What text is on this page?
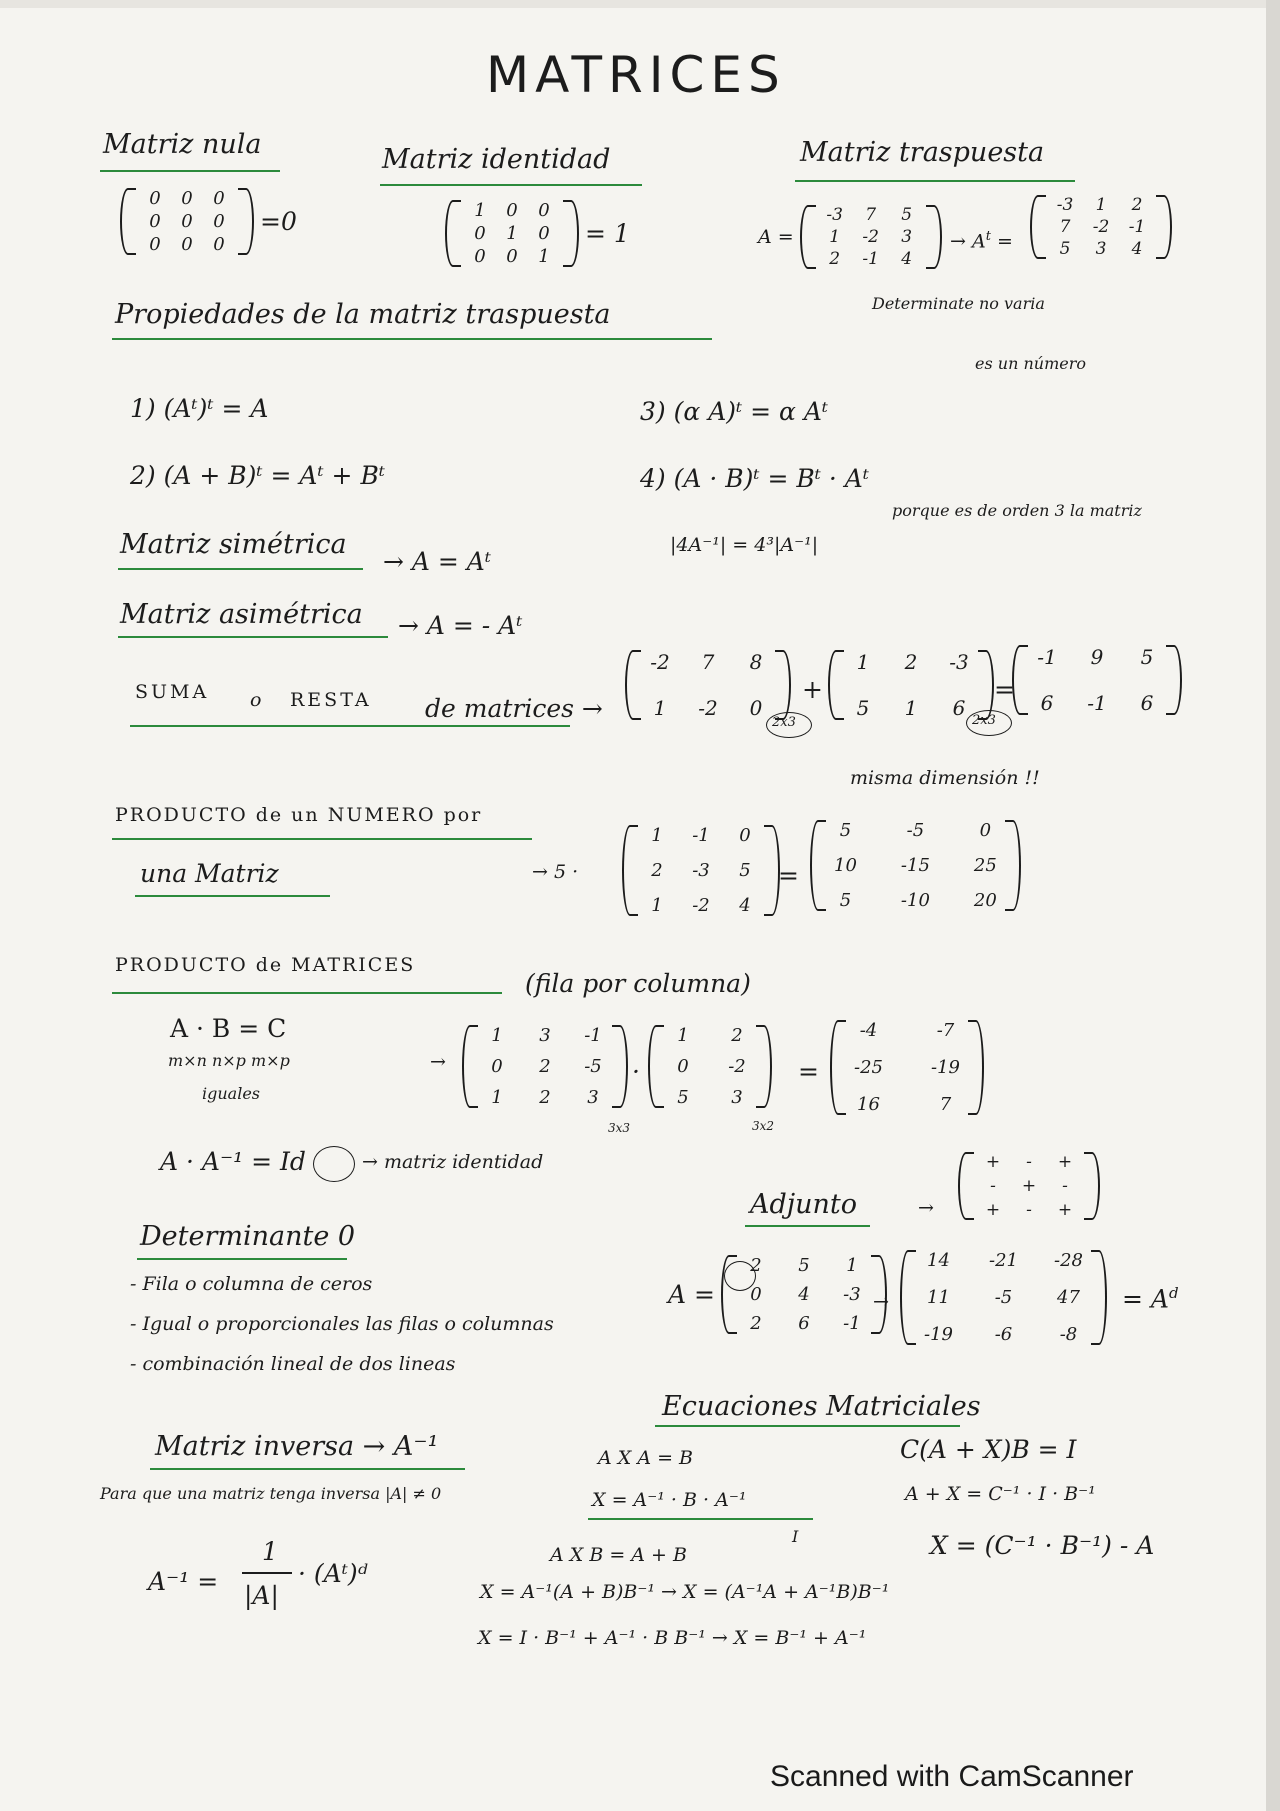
MATRICES
Matriz nula
0 0 0
0 0 0
0 0 0
=0
Matriz identidad
1 0 0
0 1 0
0 0 1
= 1
Matriz traspuesta
A =
-3	7	5
1	-2	3
2	-1	4
→ $A^t$ =
-3	1	2
7	-2 -1
5	3	4
Determinate no varia
Propiedades de la matriz traspuesta
1) (Aᵗ)ᵗ = A
2) (A + B)ᵗ = Aᵗ + Bᵗ
3) (α A)ᵗ = α Aᵗ
4) (A · B)ᵗ = Bᵗ · Aᵗ
es un número
|4A⁻¹| = 4³|A⁻¹|
porque es de orden 3 la matriz
Matriz simétrica
→ A = Aᵗ
Matriz asimétrica → A = - Aᵗ
SUMA o RESTA de matrices →
-2 7 8
1 -2 0
+
1 2 -3
5 1 6
=
-1 9 5
6 -1 6
2x3	2x3
misma dimensión !!
PRODUCTO de un NUMERO por
una Matriz	→ 5 ·
1 -1 0
2 -3 5
1 -2 4
=
5	-5	0
10 -15 25
5	-10 20
PRODUCTO de MATRICES
(fila por columna)
A · B = C
m×n n×p m×p
iguales
→
1 3 -1
0 2 -5
1 2 3
·
1 2
0 -2
5 3
3x3	3x2
=
-4	-7
-25	-19
16	7
A · A⁻¹ = Id	→ matriz identidad
Adjunto	→
+	-	+
-	+	-
+	-	+
A =
2 5 1
0 4 -3
2 6 -1
→
14 -21 -28
11	-5	47
-19	-6	-8
= $A^d$
Determinante 0
- Fila o columna de ceros
- Igual o proporcionales las filas o columnas
- combinación lineal de dos lineas
Matriz inversa → A⁻¹
Para que una matriz tenga inversa |A| ≠ 0
A⁻¹ =
1
|A|
· (Aᵗ)ᵈ
Ecuaciones Matriciales
A X A = B
X = A⁻¹ · B · A⁻¹
A X B = A + B
I
X = A⁻¹(A + B)B⁻¹ → X = (A⁻¹A + A⁻¹B)B⁻¹
X = I · B⁻¹ + A⁻¹ · B B⁻¹ → X = B⁻¹ + A⁻¹
C(A + X)B = I
A + X = C⁻¹ · I · B⁻¹
X = (C⁻¹ · B⁻¹) - A
Scanned with CamScanner
